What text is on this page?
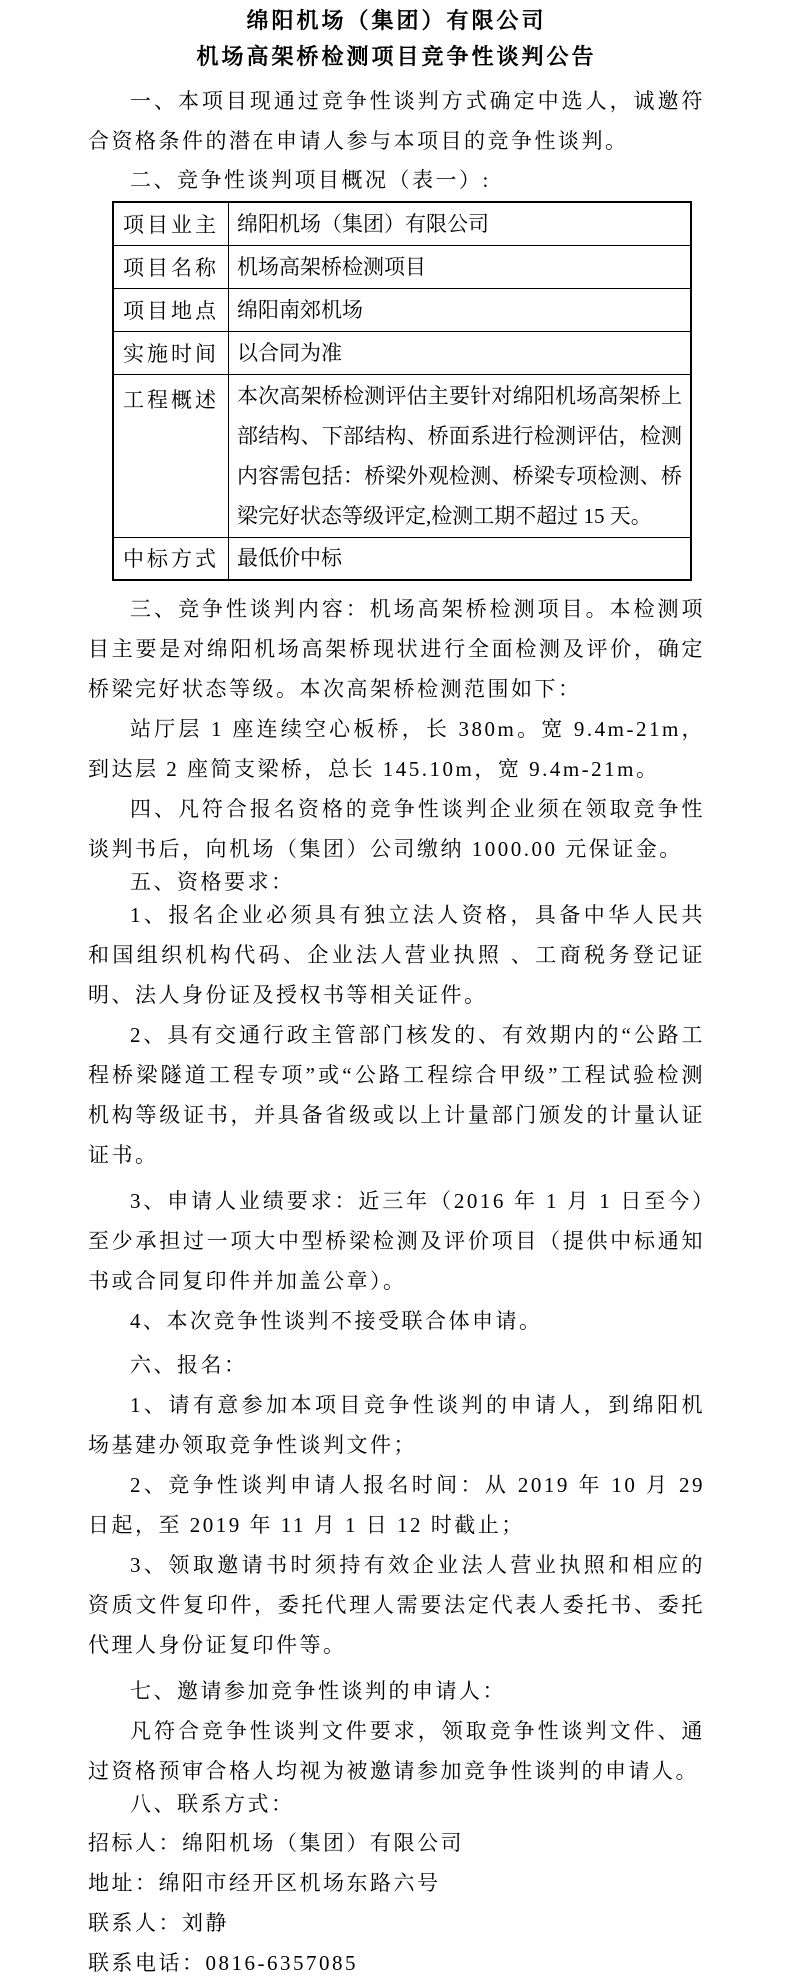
绵阳机场（集团）有限公司

机场高架桥检测项目竞争性谈判公告

一、本项目现通过竞争性谈判方式确定中选人，诚邀符合资格条件的潜在申请人参与本项目的竞争性谈判。

二、竞争性谈判项目概况（表一）:

项目业主	绵阳机场（集团）有限公司
项目名称	机场高架桥检测项目
项目地点	绵阳南郊机场
实施时间	以合同为准
工程概述	本次高架桥检测评估主要针对绵阳机场高架桥上部结构、下部结构、桥面系进行检测评估，检测内容需包括：桥梁外观检测、桥梁专项检测、桥梁完好状态等级评定,检测工期不超过 15 天。
中标方式	最低价中标

三、竞争性谈判内容：机场高架桥检测项目。本检测项目主要是对绵阳机场高架桥现状进行全面检测及评价，确定桥梁完好状态等级。本次高架桥检测范围如下：

站厅层 1 座连续空心板桥，长 380m。宽 9.4m-21m，到达层 2 座简支梁桥，总长 145.10m，宽 9.4m-21m。

四、凡符合报名资格的竞争性谈判企业须在领取竞争性谈判书后，向机场（集团）公司缴纳 1000.00 元保证金。

五、资格要求：

1、报名企业必须具有独立法人资格，具备中华人民共和国组织机构代码、企业法人营业执照 、工商税务登记证明、法人身份证及授权书等相关证件。

2、具有交通行政主管部门核发的、有效期内的“公路工程桥梁隧道工程专项”或“公路工程综合甲级”工程试验检测机构等级证书，并具备省级或以上计量部门颁发的计量认证证书。

3、申请人业绩要求：近三年（2016 年 1 月 1 日至今）至少承担过一项大中型桥梁检测及评价项目（提供中标通知书或合同复印件并加盖公章）。

4、本次竞争性谈判不接受联合体申请。

六、报名：

1、请有意参加本项目竞争性谈判的申请人，到绵阳机场基建办领取竞争性谈判文件；

2、竞争性谈判申请人报名时间：从 2019 年 10 月 29 日起，至 2019 年 11 月 1 日 12 时截止；

3、领取邀请书时须持有效企业法人营业执照和相应的资质文件复印件，委托代理人需要法定代表人委托书、委托代理人身份证复印件等。

七、邀请参加竞争性谈判的申请人：

凡符合竞争性谈判文件要求，领取竞争性谈判文件、通过资格预审合格人均视为被邀请参加竞争性谈判的申请人。

八、联系方式：

招标人：绵阳机场（集团）有限公司

地址：绵阳市经开区机场东路六号

联系人：刘静

联系电话：0816-6357085
